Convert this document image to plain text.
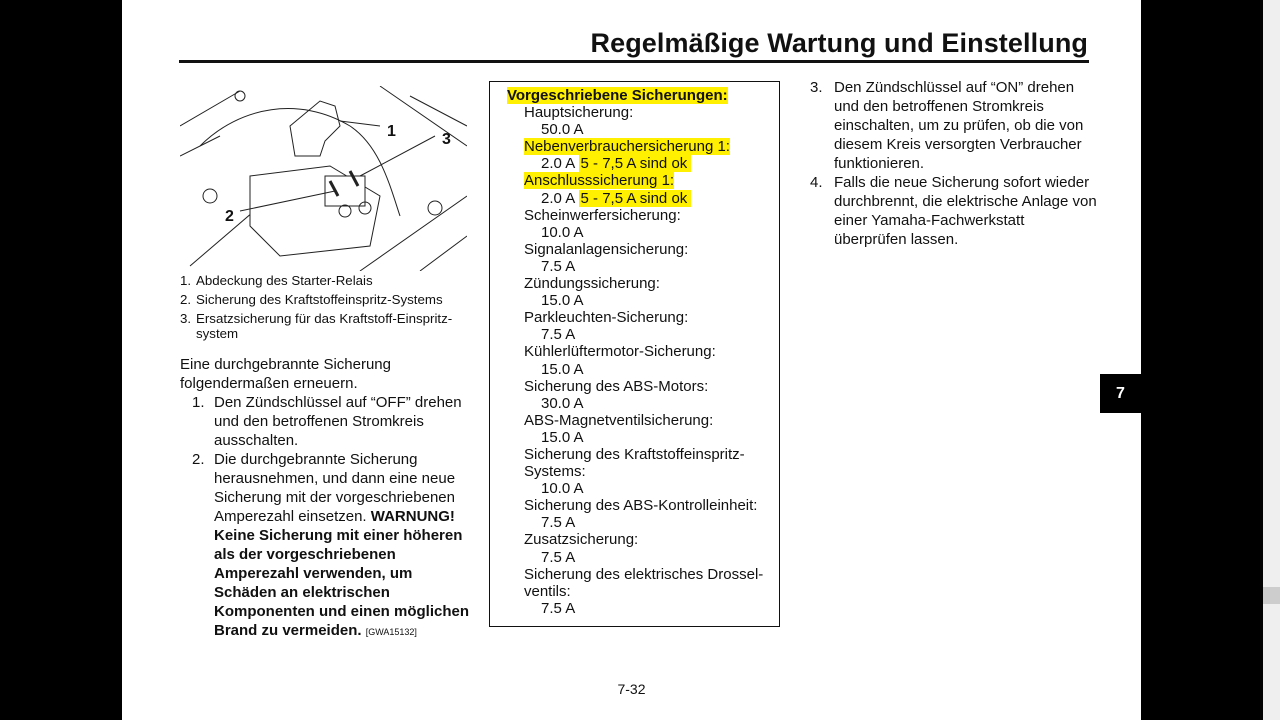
Regelmäßige Wartung und Einstellung
1	3
2
1. Abdeckung des Starter-Relais
2. Sicherung des Kraftstoffeinspritz-Systems
3. Ersatzsicherung für das Kraftstoff-Einspritz-system
Eine durchgebrannte Sicherung folgendermaßen erneuern.
1. Den Zündschlüssel auf “OFF” drehen und den betroffenen Stromkreis ausschalten.
2. Die durchgebrannte Sicherung herausnehmen, und dann eine neue Sicherung mit der vorgeschriebenen Amperezahl einsetzen. WARNUNG! Keine Sicherung mit einer höheren als der vorgeschriebenen Amperezahl verwenden, um Schäden an elektrischen Komponenten und einen möglichen Brand zu vermeiden. [GWA15132]
Vorgeschriebene Sicherungen:
Hauptsicherung:
50.0 A
Nebenverbrauchersicherung 1:
2.0 A 5 - 7,5 A sind ok
Anschlusssicherung 1:
2.0 A 5 - 7,5 A sind ok
Scheinwerfersicherung:
10.0 A
Signalanlagensicherung:
7.5 A
Zündungssicherung:
15.0 A
Parkleuchten-Sicherung:
7.5 A
Kühlerlüftermotor-Sicherung:
15.0 A
Sicherung des ABS-Motors:
30.0 A
ABS-Magnetventilsicherung:
15.0 A
Sicherung des Kraftstoffeinspritz-
Systems:
10.0 A
Sicherung des ABS-Kontrolleinheit:
7.5 A
Zusatzsicherung:
7.5 A
Sicherung des elektrisches Drossel-
ventils:
7.5 A
3. Den Zündschlüssel auf “ON” drehen und den betroffenen Stromkreis einschalten, um zu prüfen, ob die von diesem Kreis versorgten Verbraucher funktionieren.
4. Falls die neue Sicherung sofort wieder durchbrennt, die elektrische Anlage von einer Yamaha-Fachwerkstatt überprüfen lassen.
7-32
7
